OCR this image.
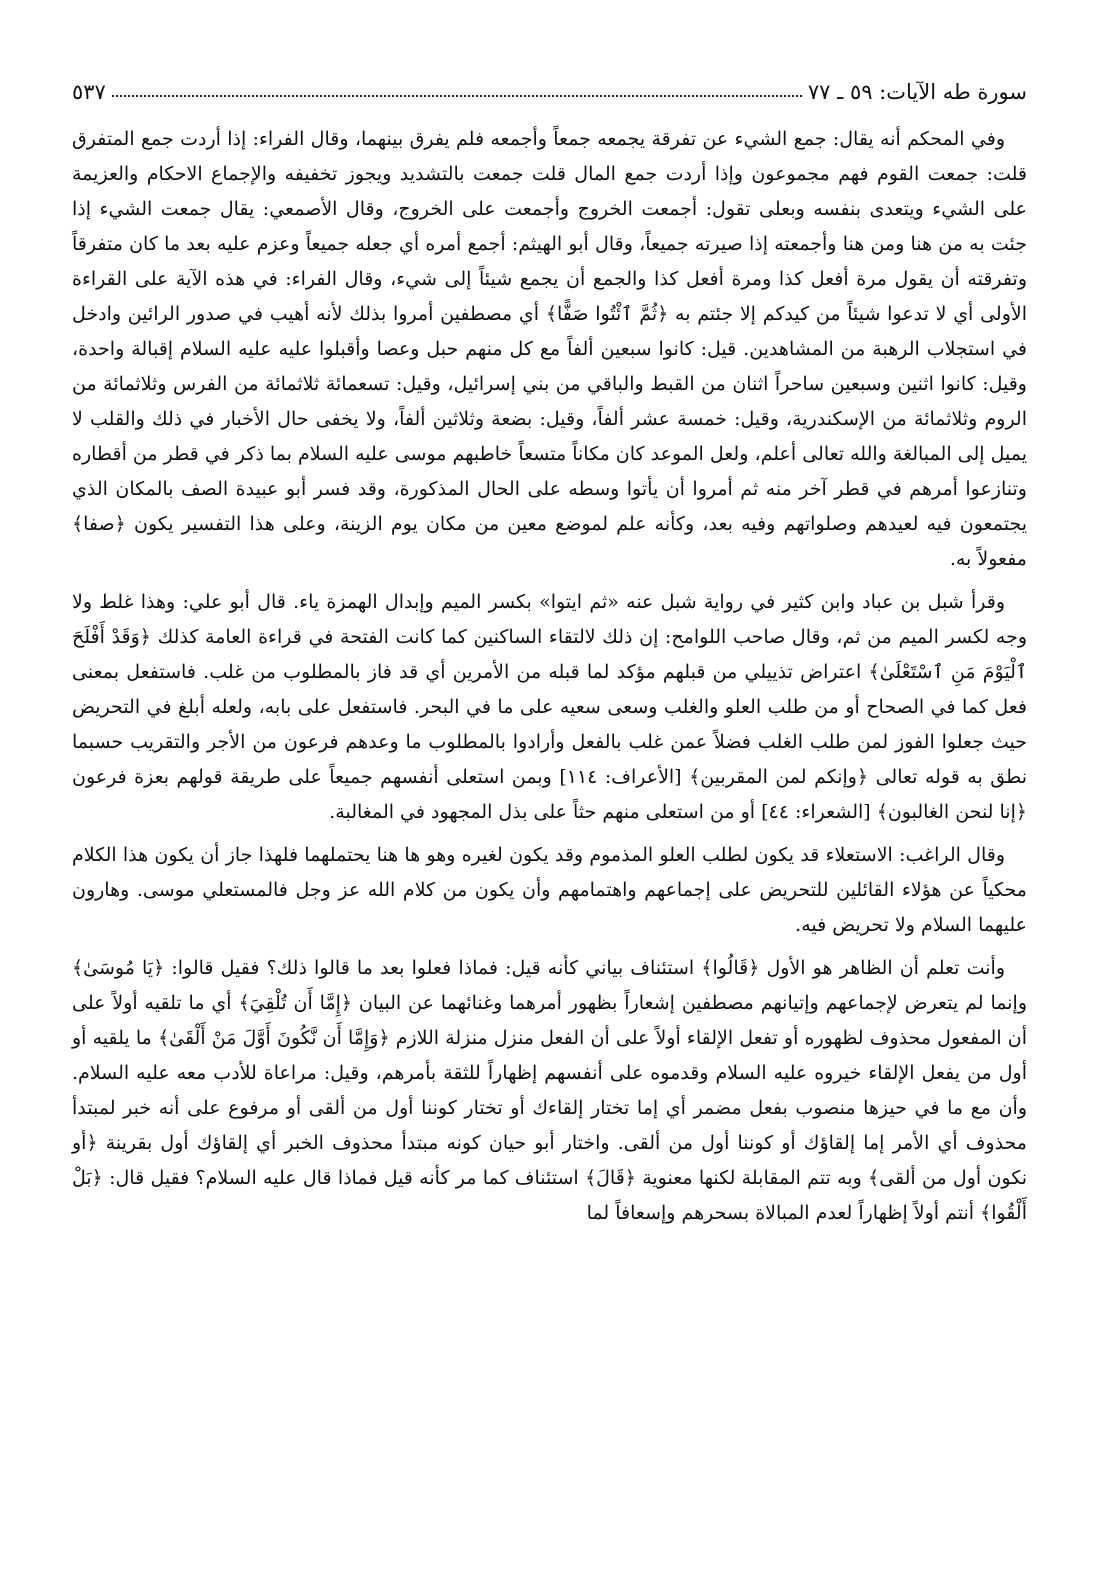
سورة طه الآيات: ٥٩ ـ ٧٧
٥٣٧

وفي المحكم أنه يقال: جمع الشيء عن تفرقة يجمعه جمعاً وأجمعه فلم يفرق بينهما، وقال الفراء: إذا أردت جمع المتفرق قلت: جمعت القوم فهم مجموعون وإذا أردت جمع المال قلت جمعت بالتشديد ويجوز تخفيفه والإجماع الاحكام والعزيمة على الشيء ويتعدى بنفسه وبعلى تقول: أجمعت الخروج وأجمعت على الخروج، وقال الأصمعي: يقال جمعت الشيء إذا جئت به من هنا ومن هنا وأجمعته إذا صيرته جميعاً، وقال أبو الهيثم: أجمع أمره أي جعله جميعاً وعزم عليه بعد ما كان متفرقاً وتفرقته أن يقول مرة أفعل كذا ومرة أفعل كذا والجمع أن يجمع شيئاً إلى شيء، وقال الفراء: في هذه الآية على القراءة الأولى أي لا تدعوا شيئاً من كيدكم إلا جئتم به ﴿ثُمَّ ٱئْتُوا صَفًّا﴾ أي مصطفين أمروا بذلك لأنه أهيب في صدور الرائين وادخل في استجلاب الرهبة من المشاهدين. قيل: كانوا سبعين ألفاً مع كل منهم حبل وعصا وأقبلوا عليه عليه السلام إقبالة واحدة، وقيل: كانوا اثنين وسبعين ساحراً اثنان من القبط والباقي من بني إسرائيل، وقيل: تسعمائة ثلاثمائة من الفرس وثلاثمائة من الروم وثلاثمائة من الإسكندرية، وقيل: خمسة عشر ألفاً، وقيل: بضعة وثلاثين ألفاً، ولا يخفى حال الأخبار في ذلك والقلب لا يميل إلى المبالغة والله تعالى أعلم، ولعل الموعد كان مكاناً متسعاً خاطبهم موسى عليه السلام بما ذكر في قطر من أقطاره وتنازعوا أمرهم في قطر آخر منه ثم أمروا أن يأتوا وسطه على الحال المذكورة، وقد فسر أبو عبيدة الصف بالمكان الذي يجتمعون فيه لعيدهم وصلواتهم وفيه بعد، وكأنه علم لموضع معين من مكان يوم الزينة، وعلى هذا التفسير يكون ﴿صفا﴾ مفعولاً به.

وقرأ شبل بن عباد وابن كثير في رواية شبل عنه «ثم ايتوا» بكسر الميم وإبدال الهمزة ياء. قال أبو علي: وهذا غلط ولا وجه لكسر الميم من ثم، وقال صاحب اللوامح: إن ذلك لالتقاء الساكنين كما كانت الفتحة في قراءة العامة كذلك ﴿وَقَدْ أَفْلَحَ ٱلْيَوْمَ مَنِ ٱسْتَعْلَىٰ﴾ اعتراض تذييلي من قبلهم مؤكد لما قبله من الأمرين أي قد فاز بالمطلوب من غلب. فاستفعل بمعنى فعل كما في الصحاح أو من طلب العلو والغلب وسعى سعيه على ما في البحر. فاستفعل على بابه، ولعله أبلغ في التحريض حيث جعلوا الفوز لمن طلب الغلب فضلاً عمن غلب بالفعل وأرادوا بالمطلوب ما وعدهم فرعون من الأجر والتقريب حسبما نطق به قوله تعالى ﴿وإنكم لمن المقربين﴾ [الأعراف: ١١٤] وبمن استعلى أنفسهم جميعاً على طريقة قولهم بعزة فرعون ﴿إنا لنحن الغالبون﴾ [الشعراء: ٤٤] أو من استعلى منهم حثاً على بذل المجهود في المغالبة.

وقال الراغب: الاستعلاء قد يكون لطلب العلو المذموم وقد يكون لغيره وهو ها هنا يحتملهما فلهذا جاز أن يكون هذا الكلام محكياً عن هؤلاء القائلين للتحريض على إجماعهم واهتمامهم وأن يكون من كلام الله عز وجل فالمستعلي موسى. وهارون عليهما السلام ولا تحريض فيه.

وأنت تعلم أن الظاهر هو الأول ﴿قَالُوا﴾ استئناف بياني كأنه قيل: فماذا فعلوا بعد ما قالوا ذلك؟ فقيل قالوا: ﴿يَا مُوسَىٰ﴾ وإنما لم يتعرض لإجماعهم وإتيانهم مصطفين إشعاراً بظهور أمرهما وغنائهما عن البيان ﴿إِمَّا أَن تُلْقِيَ﴾ أي ما تلقيه أولاً على أن المفعول محذوف لظهوره أو تفعل الإلقاء أولاً على أن الفعل منزل منزلة اللازم ﴿وَإِمَّا أَن نَّكُونَ أَوَّلَ مَنْ أَلْقَىٰ﴾ ما يلقيه أو أول من يفعل الإلقاء خيروه عليه السلام وقدموه على أنفسهم إظهاراً للثقة بأمرهم، وقيل: مراعاة للأدب معه عليه السلام. وأن مع ما في حيزها منصوب بفعل مضمر أي إما تختار إلقاءك أو تختار كوننا أول من ألقى أو مرفوع على أنه خبر لمبتدأ محذوف أي الأمر إما إلقاؤك أو كوننا أول من ألقى. واختار أبو حيان كونه مبتدأ محذوف الخبر أي إلقاؤك أول بقرينة ﴿أو نكون أول من ألقى﴾ وبه تتم المقابلة لكنها معنوية ﴿قَالَ﴾ استئناف كما مر كأنه قيل فماذا قال عليه السلام؟ فقيل قال: ﴿بَلْ أَلْقُوا﴾ أنتم أولاً إظهاراً لعدم المبالاة بسحرهم وإسعافاً لما
